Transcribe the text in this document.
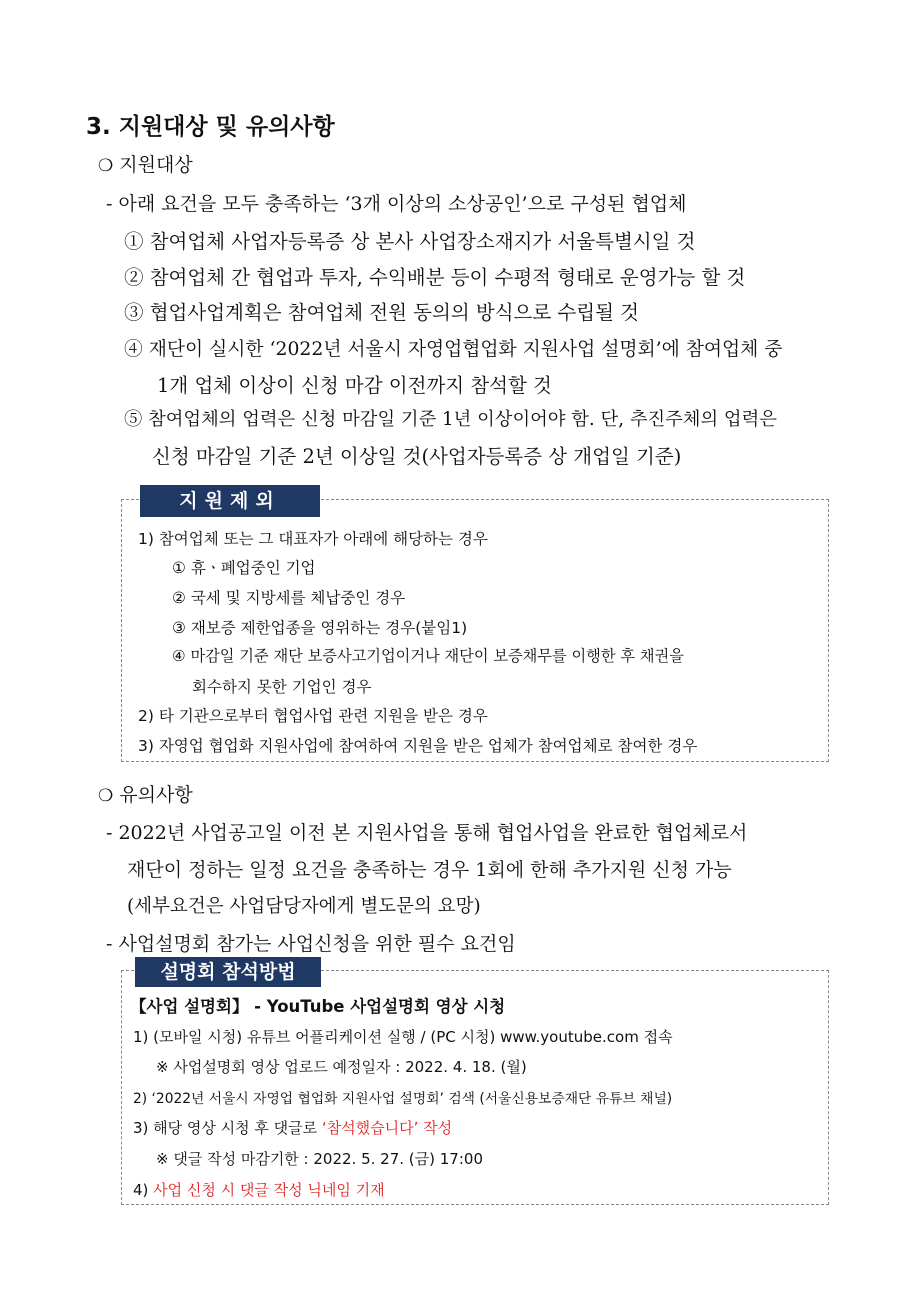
3. 지원대상 및 유의사항
❍ 지원대상
- 아래 요건을 모두 충족하는 ‘3개 이상의 소상공인’으로 구성된 협업체
① 참여업체 사업자등록증 상 본사 사업장소재지가 서울특별시일 것
② 참여업체 간 협업과 투자, 수익배분 등이 수평적 형태로 운영가능 할 것
③ 협업사업계획은 참여업체 전원 동의의 방식으로 수립될 것
④ 재단이 실시한 ‘2022년 서울시 자영업협업화 지원사업 설명회’에 참여업체 중
1개 업체 이상이 신청 마감 이전까지 참석할 것
⑤ 참여업체의 업력은 신청 마감일 기준 1년 이상이어야 함. 단, 추진주체의 업력은
신청 마감일 기준 2년 이상일 것(사업자등록증 상 개업일 기준)
지원제외
1) 참여업체 또는 그 대표자가 아래에 해당하는 경우
① 휴ㆍ폐업중인 기업
② 국세 및 지방세를 체납중인 경우
③ 재보증 제한업종을 영위하는 경우(붙임1)
④ 마감일 기준 재단 보증사고기업이거나 재단이 보증채무를 이행한 후 채권을
회수하지 못한 기업인 경우
2) 타 기관으로부터 협업사업 관련 지원을 받은 경우
3) 자영업 협업화 지원사업에 참여하여 지원을 받은 업체가 참여업체로 참여한 경우
❍ 유의사항
- 2022년 사업공고일 이전 본 지원사업을 통해 협업사업을 완료한 협업체로서
재단이 정하는 일정 요건을 충족하는 경우 1회에 한해 추가지원 신청 가능
(세부요건은 사업담당자에게 별도문의 요망)
- 사업설명회 참가는 사업신청을 위한 필수 요건임
설명회 참석방법
【사업 설명회】 - YouTube 사업설명회 영상 시청
1) (모바일 시청) 유튜브 어플리케이션 실행 / (PC 시청) www.youtube.com 접속
※ 사업설명회 영상 업로드 예정일자 : 2022. 4. 18. (월)
2) ‘2022년 서울시 자영업 협업화 지원사업 설명회’ 검색 (서울신용보증재단 유튜브 채널)
3) 해당 영상 시청 후 댓글로 ‘참석했습니다’ 작성
※ 댓글 작성 마감기한 : 2022. 5. 27. (금) 17:00
4) 사업 신청 시 댓글 작성 닉네임 기재
